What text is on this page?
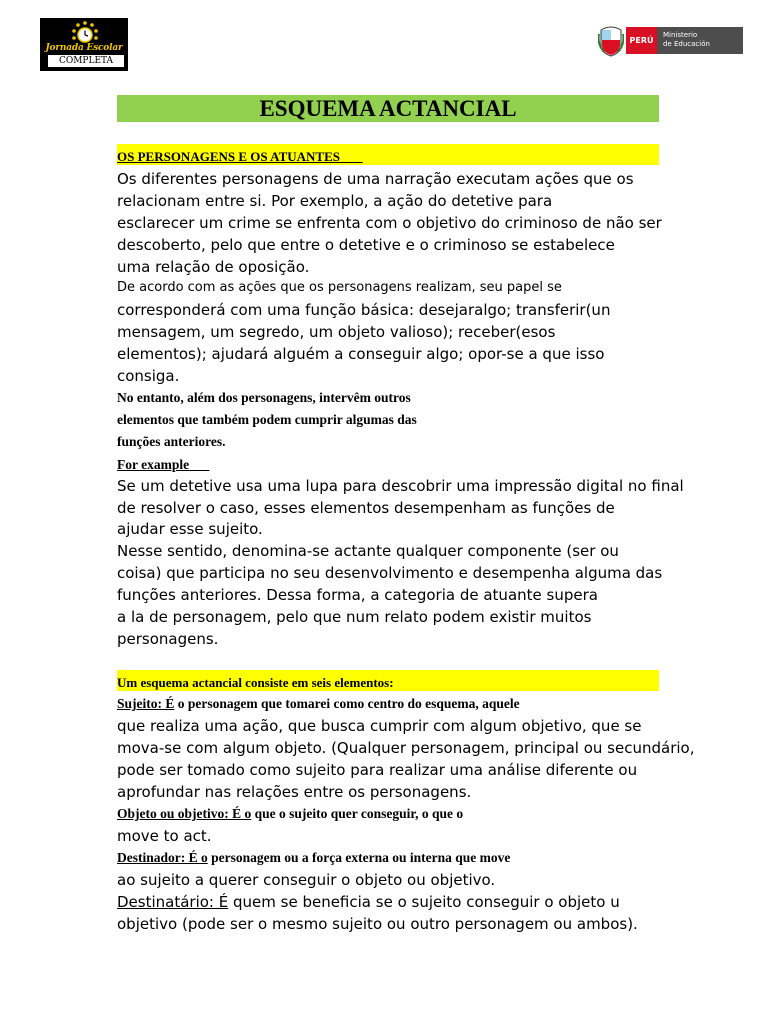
Jornada Escolar
COMPLETA
PERÚ
Ministerio
de Educación
ESQUEMA ACTANCIAL
OS PERSONAGENS E OS ATUANTES
Os diferentes personagens de uma narração executam ações que os
relacionam entre si. Por exemplo, a ação do detetive para
esclarecer um crime se enfrenta com o objetivo do criminoso de não ser
descoberto, pelo que entre o detetive e o criminoso se estabelece
uma relação de oposição.
De acordo com as ações que os personagens realizam, seu papel se
corresponderá com uma função básica: desejaralgo; transferir(un
mensagem, um segredo, um objeto valioso); receber(esos
elementos); ajudará alguém a conseguir algo; opor-se a que isso
consiga.
No entanto, além dos personagens, intervêm outros
elementos que também podem cumprir algumas das
funções anteriores.
For example
Se um detetive usa uma lupa para descobrir uma impressão digital no final
de resolver o caso, esses elementos desempenham as funções de
ajudar esse sujeito.
Nesse sentido, denomina-se actante qualquer componente (ser ou
coisa) que participa no seu desenvolvimento e desempenha alguma das
funções anteriores. Dessa forma, a categoria de atuante supera
a la de personagem, pelo que num relato podem existir muitos
personagens.
Um esquema actancial consiste em seis elementos:
Sujeito: É o personagem que tomarei como centro do esquema, aquele
que realiza uma ação, que busca cumprir com algum objetivo, que se
mova-se com algum objeto. (Qualquer personagem, principal ou secundário,
pode ser tomado como sujeito para realizar uma análise diferente ou
aprofundar nas relações entre os personagens.
Objeto ou objetivo: É o que o sujeito quer conseguir, o que o
move to act.
Destinador: É o personagem ou a força externa ou interna que move
ao sujeito a querer conseguir o objeto ou objetivo.
Destinatário: É quem se beneficia se o sujeito conseguir o objeto u
objetivo (pode ser o mesmo sujeito ou outro personagem ou ambos).
